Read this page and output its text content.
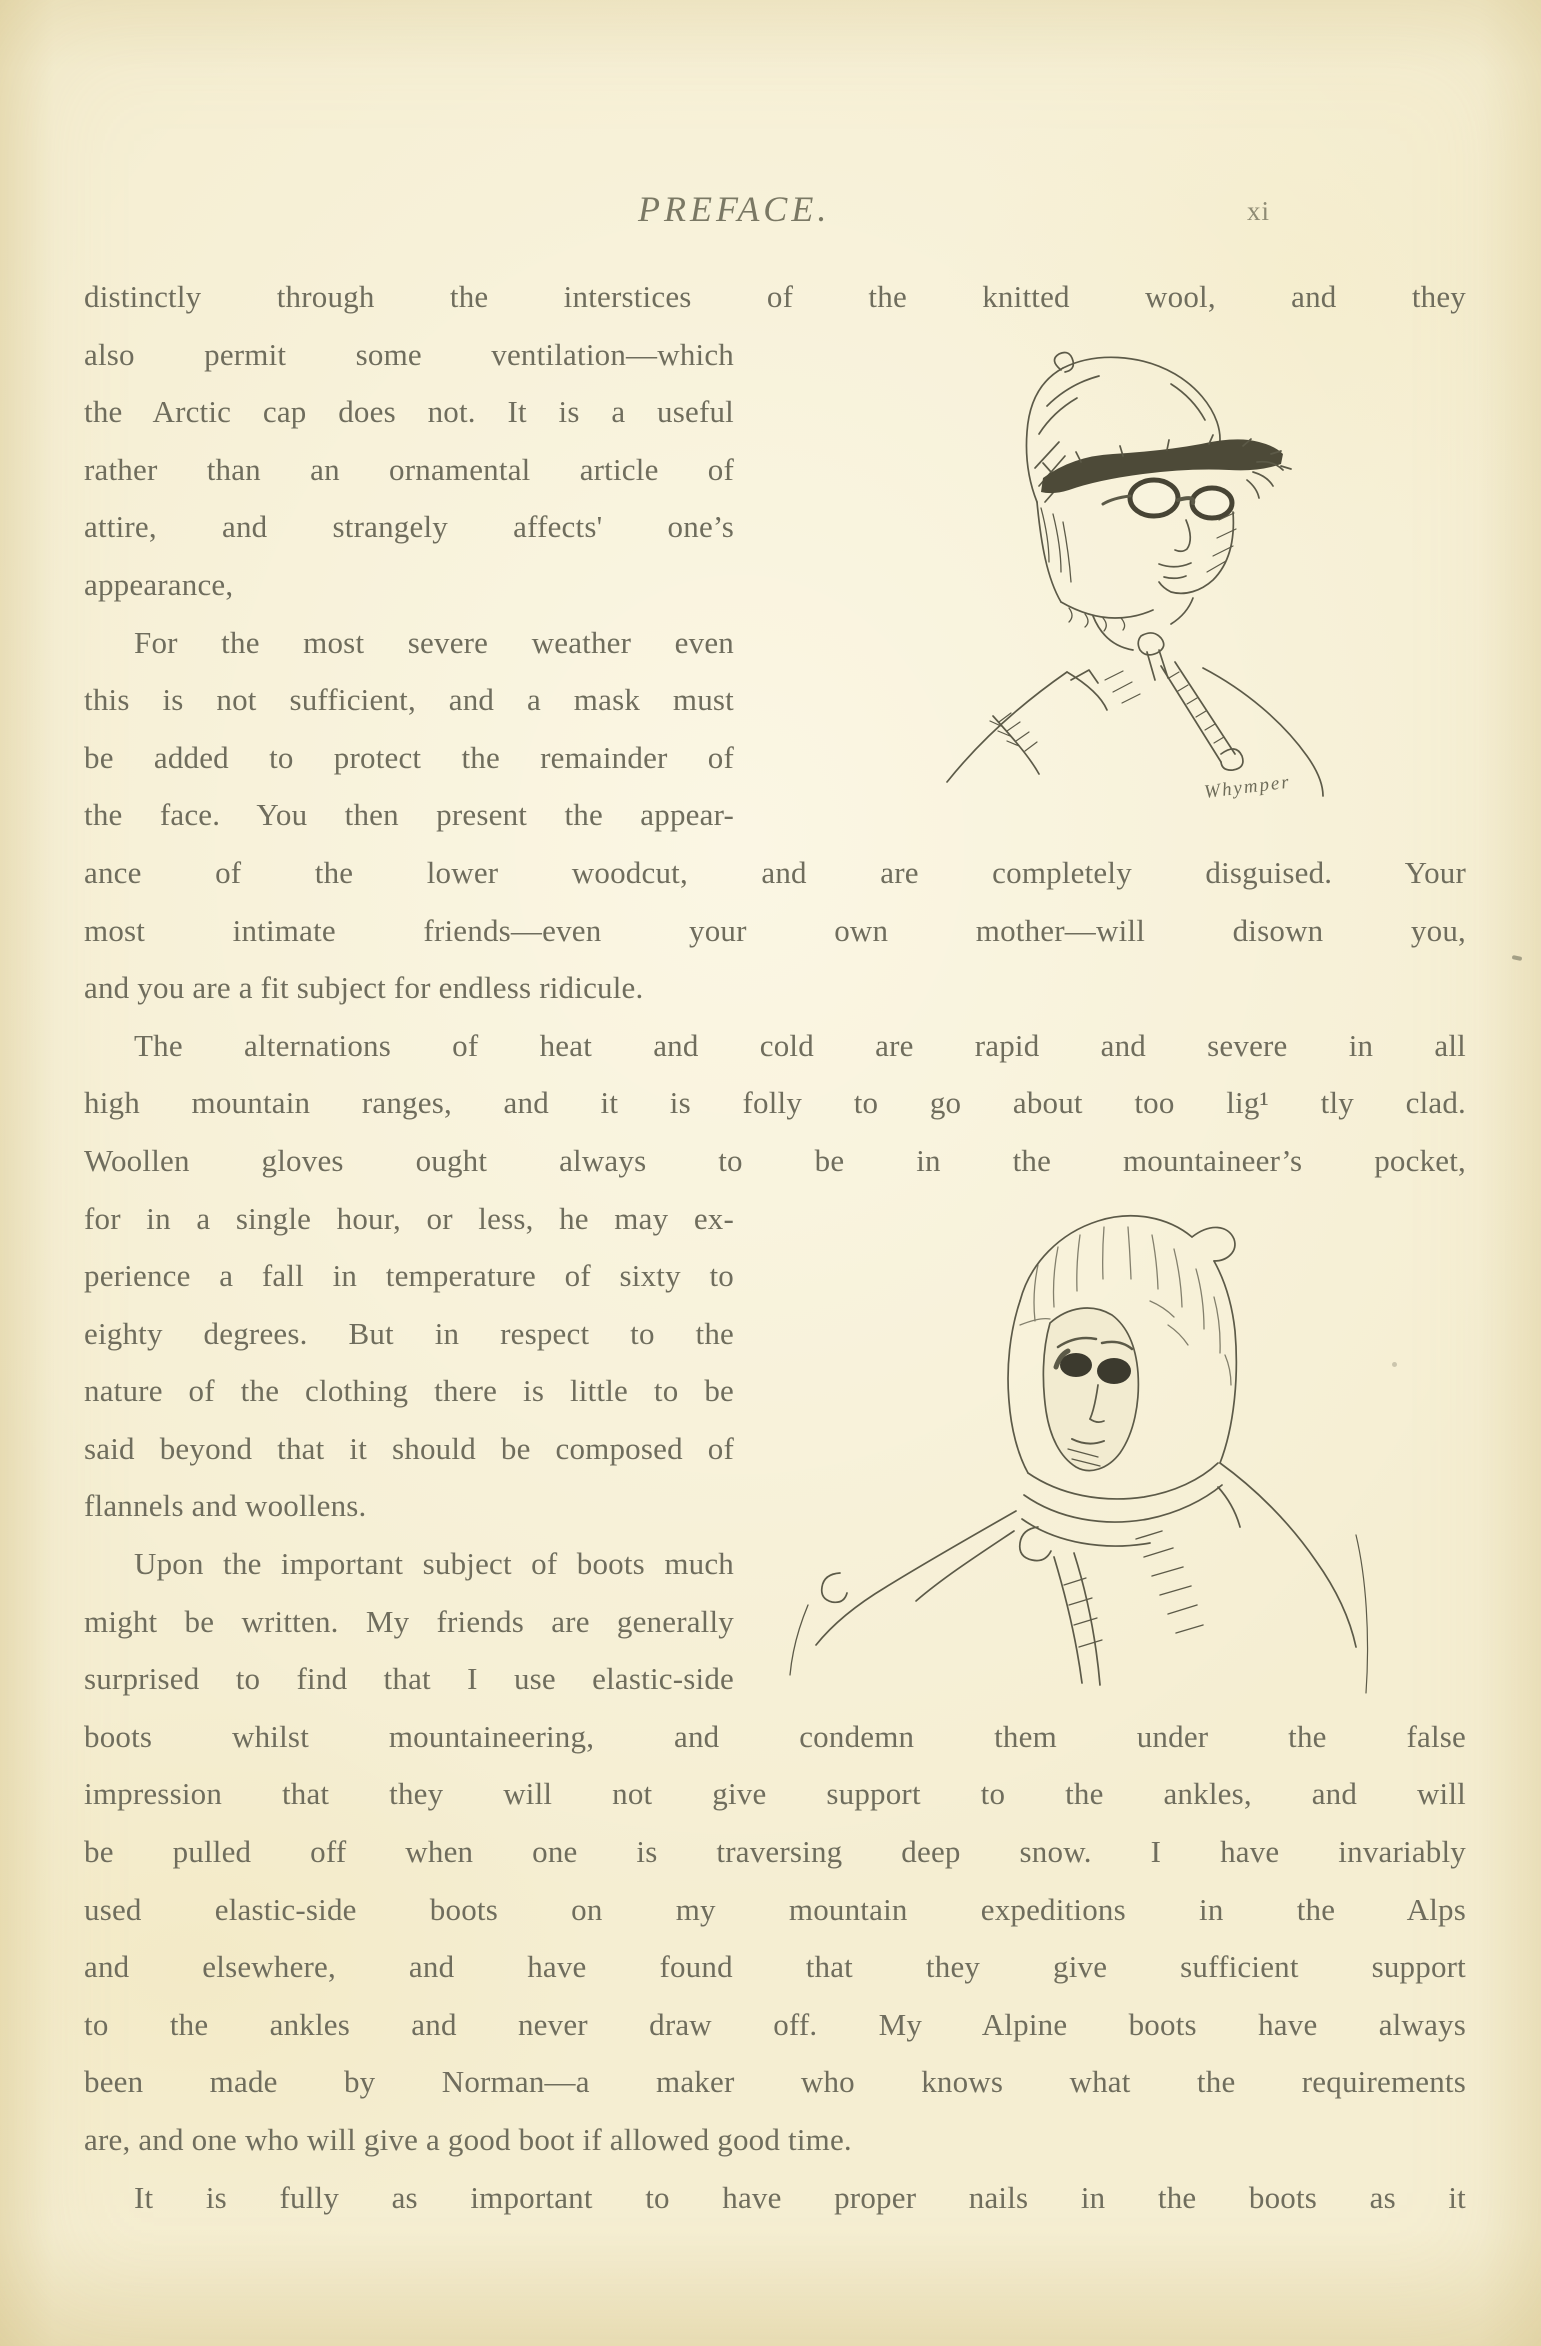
PREFACE.	xi
distinctly through the interstices of the knitted wool, and they
also permit some ventilation—which
the Arctic cap does not. It is a useful
rather than an ornamental article of
attire, and strangely affects' one’s
appearance,
For the most severe weather even
this is not sufficient, and a mask must
be added to protect the remainder of
the face. You then present the appear-
ance of the lower woodcut, and are completely disguised. Your
most intimate friends—even your own mother—will disown you,
and you are a fit subject for endless ridicule.
The alternations of heat and cold are rapid and severe in all
high mountain ranges, and it is folly to go about too lig¹ tly clad.
Woollen gloves ought always to be in the mountaineer’s pocket,
for in a single hour, or less, he may ex-
perience a fall in temperature of sixty to
eighty degrees. But in respect to the
nature of the clothing there is little to be
said beyond that it should be composed of
flannels and woollens.
Upon the important subject of boots much
might be written. My friends are generally
surprised to find that I use elastic-side
boots whilst mountaineering, and condemn them under the false
impression that they will not give support to the ankles, and will
be pulled off when one is traversing deep snow. I have invariably
used elastic-side boots on my mountain expeditions in the Alps
and elsewhere, and have found that they give sufficient support
to the ankles and never draw off. My Alpine boots have always
been made by Norman—a maker who knows what the requirements
are, and one who will give a good boot if allowed good time.
It is fully as important to have proper nails in the boots as it
Whymper
